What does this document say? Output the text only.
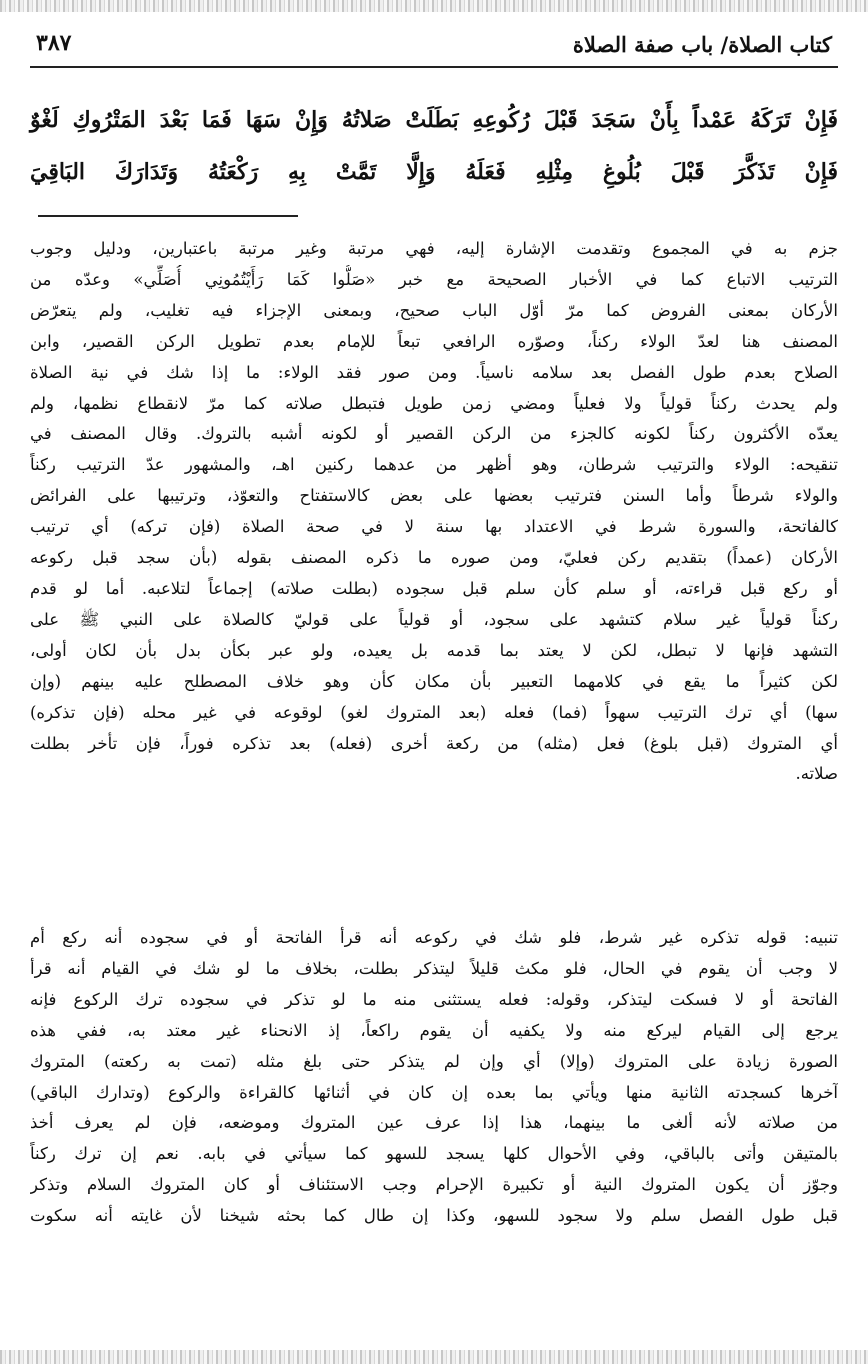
كتاب الصلاة/ باب صفة الصلاة
٣٨٧
فَإِنْ تَرَكَهُ عَمْداً بِأَنْ سَجَدَ قَبْلَ رُكُوعِهِ بَطَلَتْ صَلاتُهُ وَإِنْ سَهَا فَمَا بَعْدَ المَتْرُوكِ لَغْوٌ
فَإِنْ تَذَكَّرَ قَبْلَ بُلُوغِ مِثْلِهِ فَعَلَهُ وَإِلَّا تَمَّتْ بِهِ رَكْعَتُهُ وَتَدَارَكَ البَاقِيَ
جزم به في المجموع وتقدمت الإشارة إليه، فهي مرتبة وغير مرتبة باعتبارين، ودليل وجوب
الترتيب الاتباع كما في الأخبار الصحيحة مع خبر «صَلُّوا كَمَا رَأَيْتُمُونِي أُصَلِّي» وعدّه من
الأركان بمعنى الفروض كما مرّ أوّل الباب صحيح، وبمعنى الإجزاء فيه تغليب، ولم يتعرّض
المصنف هنا لعدّ الولاء ركناً، وصوّره الرافعي تبعاً للإمام بعدم تطويل الركن القصير، وابن
الصلاح بعدم طول الفصل بعد سلامه ناسياً. ومن صور فقد الولاء: ما إذا شك في نية الصلاة
ولم يحدث ركناً قولياً ولا فعلياً ومضي زمن طويل فتبطل صلاته كما مرّ لانقطاع نظمها، ولم
يعدّه الأكثرون ركناً لكونه كالجزء من الركن القصير أو لكونه أشبه بالتروك. وقال المصنف في
تنقيحه: الولاء والترتيب شرطان، وهو أظهر من عدهما ركنين اهـ، والمشهور عدّ الترتيب ركناً
والولاء شرطاً وأما السنن فترتيب بعضها على بعض كالاستفتاح والتعوّذ، وترتيبها على الفرائض
كالفاتحة، والسورة شرط في الاعتداد بها سنة لا في صحة الصلاة (فإن تركه) أي ترتيب
الأركان (عمداً) بتقديم ركن فعليّ، ومن صوره ما ذكره المصنف بقوله (بأن سجد قبل ركوعه
أو ركع قبل قراءته، أو سلم كأن سلم قبل سجوده (بطلت صلاته) إجماعاً لتلاعبه. أما لو قدم
ركناً قولياً غير سلام كتشهد على سجود، أو قولياً على قوليّ كالصلاة على النبي ﷺ على
التشهد فإنها لا تبطل، لكن لا يعتد بما قدمه بل يعيده، ولو عبر بكأن بدل بأن لكان أولى،
لكن كثيراً ما يقع في كلامهما التعبير بأن مكان كأن وهو خلاف المصطلح عليه بينهم (وإن
سها) أي ترك الترتيب سهواً (فما) فعله (بعد المتروك لغو) لوقوعه في غير محله (فإن تذكره)
أي المتروك (قبل بلوغ) فعل (مثله) من ركعة أخرى (فعله) بعد تذكره فوراً، فإن تأخر بطلت
صلاته.
تنبيه: قوله تذكره غير شرط، فلو شك في ركوعه أنه قرأ الفاتحة أو في سجوده أنه ركع أم
لا وجب أن يقوم في الحال، فلو مكث قليلاً ليتذكر بطلت، بخلاف ما لو شك في القيام أنه قرأ
الفاتحة أو لا فسكت ليتذكر، وقوله: فعله يستثنى منه ما لو تذكر في سجوده ترك الركوع فإنه
يرجع إلى القيام ليركع منه ولا يكفيه أن يقوم راكعاً، إذ الانحناء غير معتد به، ففي هذه
الصورة زيادة على المتروك (وإلا) أي وإن لم يتذكر حتى بلغ مثله (تمت به ركعته) المتروك
آخرها كسجدته الثانية منها ويأتي بما بعده إن كان في أثنائها كالقراءة والركوع (وتدارك الباقي)
من صلاته لأنه ألغى ما بينهما، هذا إذا عرف عين المتروك وموضعه، فإن لم يعرف أخذ
بالمتيقن وأتى بالباقي، وفي الأحوال كلها يسجد للسهو كما سيأتي في بابه. نعم إن ترك ركناً
وجوّز أن يكون المتروك النية أو تكبيرة الإحرام وجب الاستئناف أو كان المتروك السلام وتذكر
قبل طول الفصل سلم ولا سجود للسهو، وكذا إن طال كما بحثه شيخنا لأن غايته أنه سكوت
